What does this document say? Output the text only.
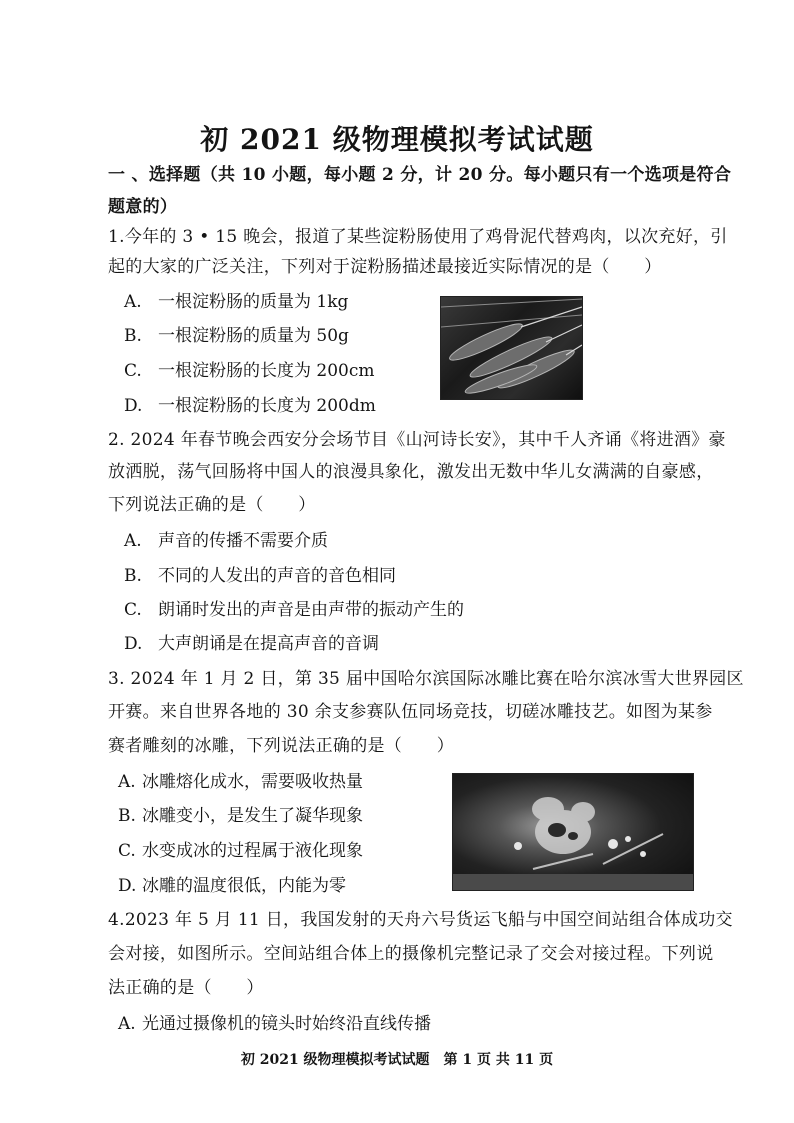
初 2021 级物理模拟考试试题
一 、选择题（共 10 小题，每小题 2 分，计 20 分。每小题只有一个选项是符合
题意的）
1.今年的 3 • 15 晚会，报道了某些淀粉肠使用了鸡骨泥代替鸡肉，以次充好，引
起的大家的广泛关注，下列对于淀粉肠描述最接近实际情况的是（　　）
A. 一根淀粉肠的质量为 1kg
B. 一根淀粉肠的质量为 50g
C. 一根淀粉肠的长度为 200cm
D. 一根淀粉肠的长度为 200dm
2. 2024 年春节晚会西安分会场节目《山河诗长安》，其中千人齐诵《将进酒》豪
放洒脱，荡气回肠将中国人的浪漫具象化，激发出无数中华儿女满满的自豪感，
下列说法正确的是（　　）
A. 声音的传播不需要介质
B. 不同的人发出的声音的音色相同
C. 朗诵时发出的声音是由声带的振动产生的
D. 大声朗诵是在提高声音的音调
3. 2024 年 1 月 2 日，第 35 届中国哈尔滨国际冰雕比赛在哈尔滨冰雪大世界园区
开赛。来自世界各地的 30 余支参赛队伍同场竞技，切磋冰雕技艺。如图为某参
赛者雕刻的冰雕，下列说法正确的是（　　）
A. 冰雕熔化成水，需要吸收热量
B. 冰雕变小，是发生了凝华现象
C. 水变成冰的过程属于液化现象
D. 冰雕的温度很低，内能为零
4.2023 年 5 月 11 日，我国发射的天舟六号货运飞船与中国空间站组合体成功交
会对接，如图所示。空间站组合体上的摄像机完整记录了交会对接过程。下列说
法正确的是（　　）
A. 光通过摄像机的镜头时始终沿直线传播
初 2021 级物理模拟考试试题　第 1 页 共 11 页
